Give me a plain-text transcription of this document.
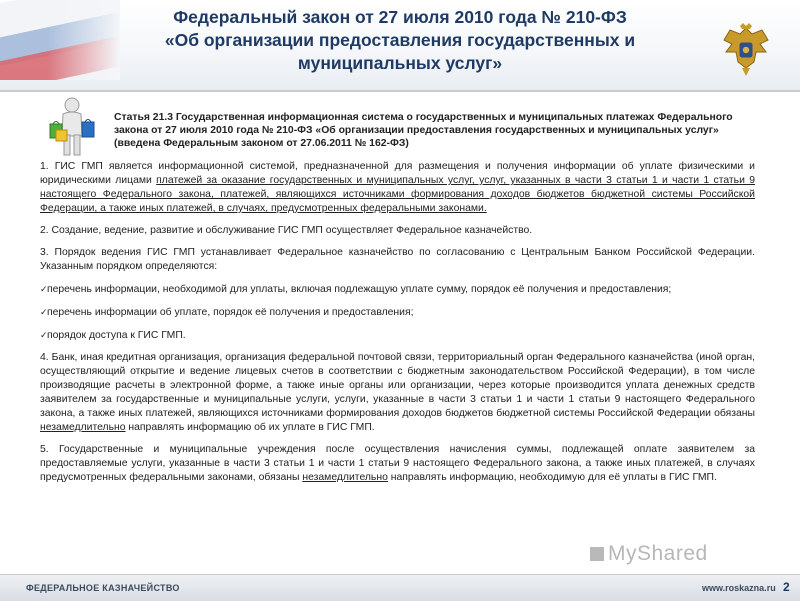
Федеральный закон от 27 июля 2010 года № 210-ФЗ
«Об организации предоставления государственных и
муниципальных услуг»
Статья 21.3 Государственная информационная система о государственных и муниципальных платежах Федерального закона от 27 июля 2010 года № 210-ФЗ «Об организации предоставления государственных и муниципальных услуг» (введена Федеральным законом от 27.06.2011 № 162-ФЗ)

1. ГИС ГМП является информационной системой, предназначенной для размещения и получения информации об уплате физическими и юридическими лицами платежей за оказание государственных и муниципальных услуг, услуг, указанных в части 3 статьи 1 и части 1 статьи 9 настоящего Федерального закона, платежей, являющихся источниками формирования доходов бюджетов бюджетной системы Российской Федерации, а также иных платежей, в случаях, предусмотренных федеральными законами.

2. Создание, ведение, развитие и обслуживание ГИС ГМП осуществляет Федеральное казначейство.

3. Порядок ведения ГИС ГМП устанавливает Федеральное казначейство по согласованию с Центральным Банком Российской Федерации. Указанным порядком определяются:

✓перечень информации, необходимой для уплаты, включая подлежащую уплате сумму, порядок её получения и предоставления;

✓перечень информации об уплате, порядок её получения и предоставления;

✓порядок доступа к ГИС ГМП.

4. Банк, иная кредитная организация, организация федеральной почтовой связи, территориальный орган Федерального казначейства (иной орган, осуществляющий открытие и ведение лицевых счетов в соответствии с бюджетным законодательством Российской Федерации), в том числе производящие расчеты в электронной форме, а также иные органы или организации, через которые производится уплата денежных средств заявителем за государственные и муниципальные услуги, услуги, указанные в части 3 статьи 1 и части 1 статьи 9 настоящего Федерального закона, а также иных платежей, являющихся источниками формирования доходов бюджетов бюджетной системы Российской Федерации обязаны незамедлительно направлять информацию об их уплате в ГИС ГМП.

5. Государственные и муниципальные учреждения после осуществления начисления суммы, подлежащей оплате заявителем за предоставляемые услуги, указанные в части 3 статьи 1 и части 1 статьи 9 настоящего Федерального закона, а также иных платежей, в случаях предусмотренных федеральными законами, обязаны незамедлительно направлять информацию, необходимую для её уплаты в ГИС ГМП.

MyShared
ФЕДЕРАЛЬНОЕ КАЗНАЧЕЙСТВО	www.roskazna.ru 2
